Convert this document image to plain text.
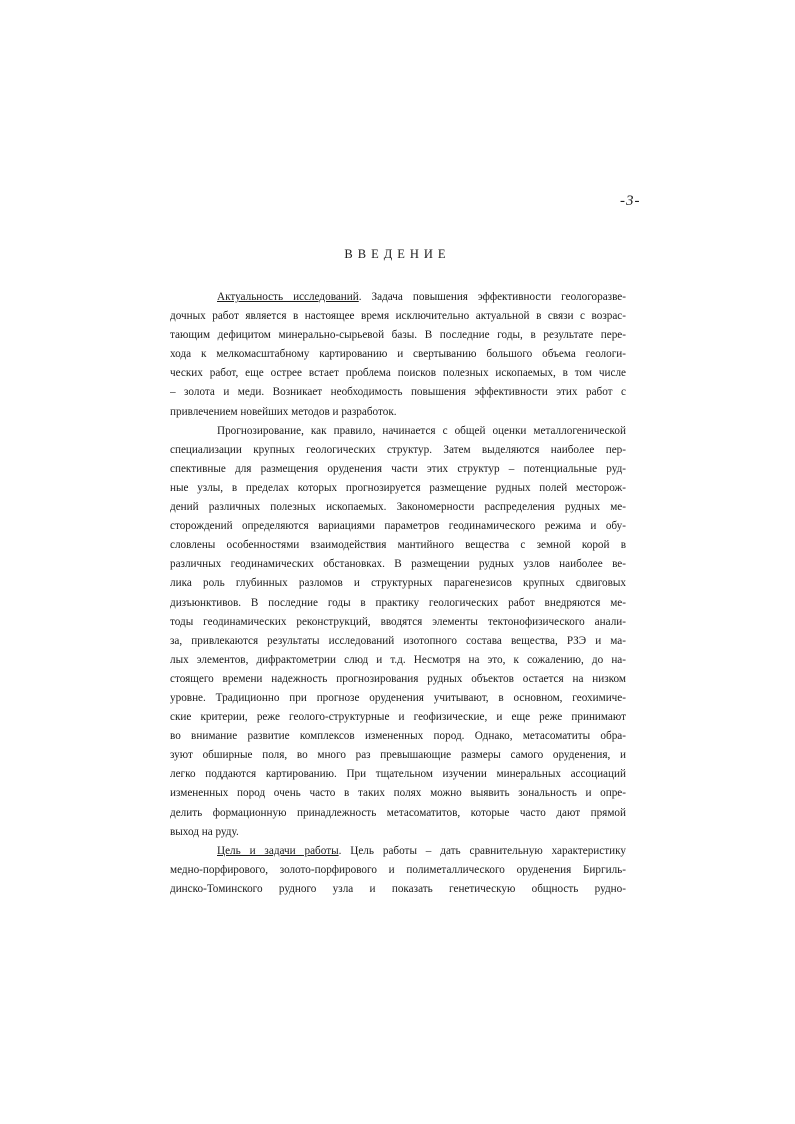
-3-
ВВЕДЕНИЕ
Актуальность исследований. Задача повышения эффективности геологоразве-
дочных работ является в настоящее время исключительно актуальной в связи с возрас-
тающим дефицитом минерально-сырьевой базы. В последние годы, в результате пере-
хода к мелкомасштабному картированию и свертыванию большого объема геологи-
ческих работ, еще острее встает проблема поисков полезных ископаемых, в том числе
– золота и меди. Возникает необходимость повышения эффективности этих работ с
привлечением новейших методов и разработок.
Прогнозирование, как правило, начинается с общей оценки металлогенической
специализации крупных геологических структур. Затем выделяются наиболее пер-
спективные для размещения оруденения части этих структур – потенциальные руд-
ные узлы, в пределах которых прогнозируется размещение рудных полей месторож-
дений различных полезных ископаемых. Закономерности распределения рудных ме-
сторождений определяются вариациями параметров геодинамического режима и обу-
словлены особенностями взаимодействия мантийного вещества с земной корой в
различных геодинамических обстановках. В размещении рудных узлов наиболее ве-
лика роль глубинных разломов и структурных парагенезисов крупных сдвиговых
дизъюнктивов. В последние годы в практику геологических работ внедряются ме-
тоды геодинамических реконструкций, вводятся элементы тектонофизического анали-
за, привлекаются результаты исследований изотопного состава вещества, РЗЭ и ма-
лых элементов, дифрактометрии слюд и т.д. Несмотря на это, к сожалению, до на-
стоящего времени надежность прогнозирования рудных объектов остается на низком
уровне. Традиционно при прогнозе оруденения учитывают, в основном, геохимиче-
ские критерии, реже геолого-структурные и геофизические, и еще реже принимают
во внимание развитие комплексов измененных пород. Однако, метасоматиты обра-
зуют обширные поля, во много раз превышающие размеры самого оруденения, и
легко поддаются картированию. При тщательном изучении минеральных ассоциаций
измененных пород очень часто в таких полях можно выявить зональность и опре-
делить формационную принадлежность метасоматитов, которые часто дают прямой
выход на руду.
Цель и задачи работы. Цель работы – дать сравнительную характеристику
медно-порфирового, золото-порфирового и полиметаллического оруденения Биргиль-
динско-Томинского рудного узла и показать генетическую общность рудно-
